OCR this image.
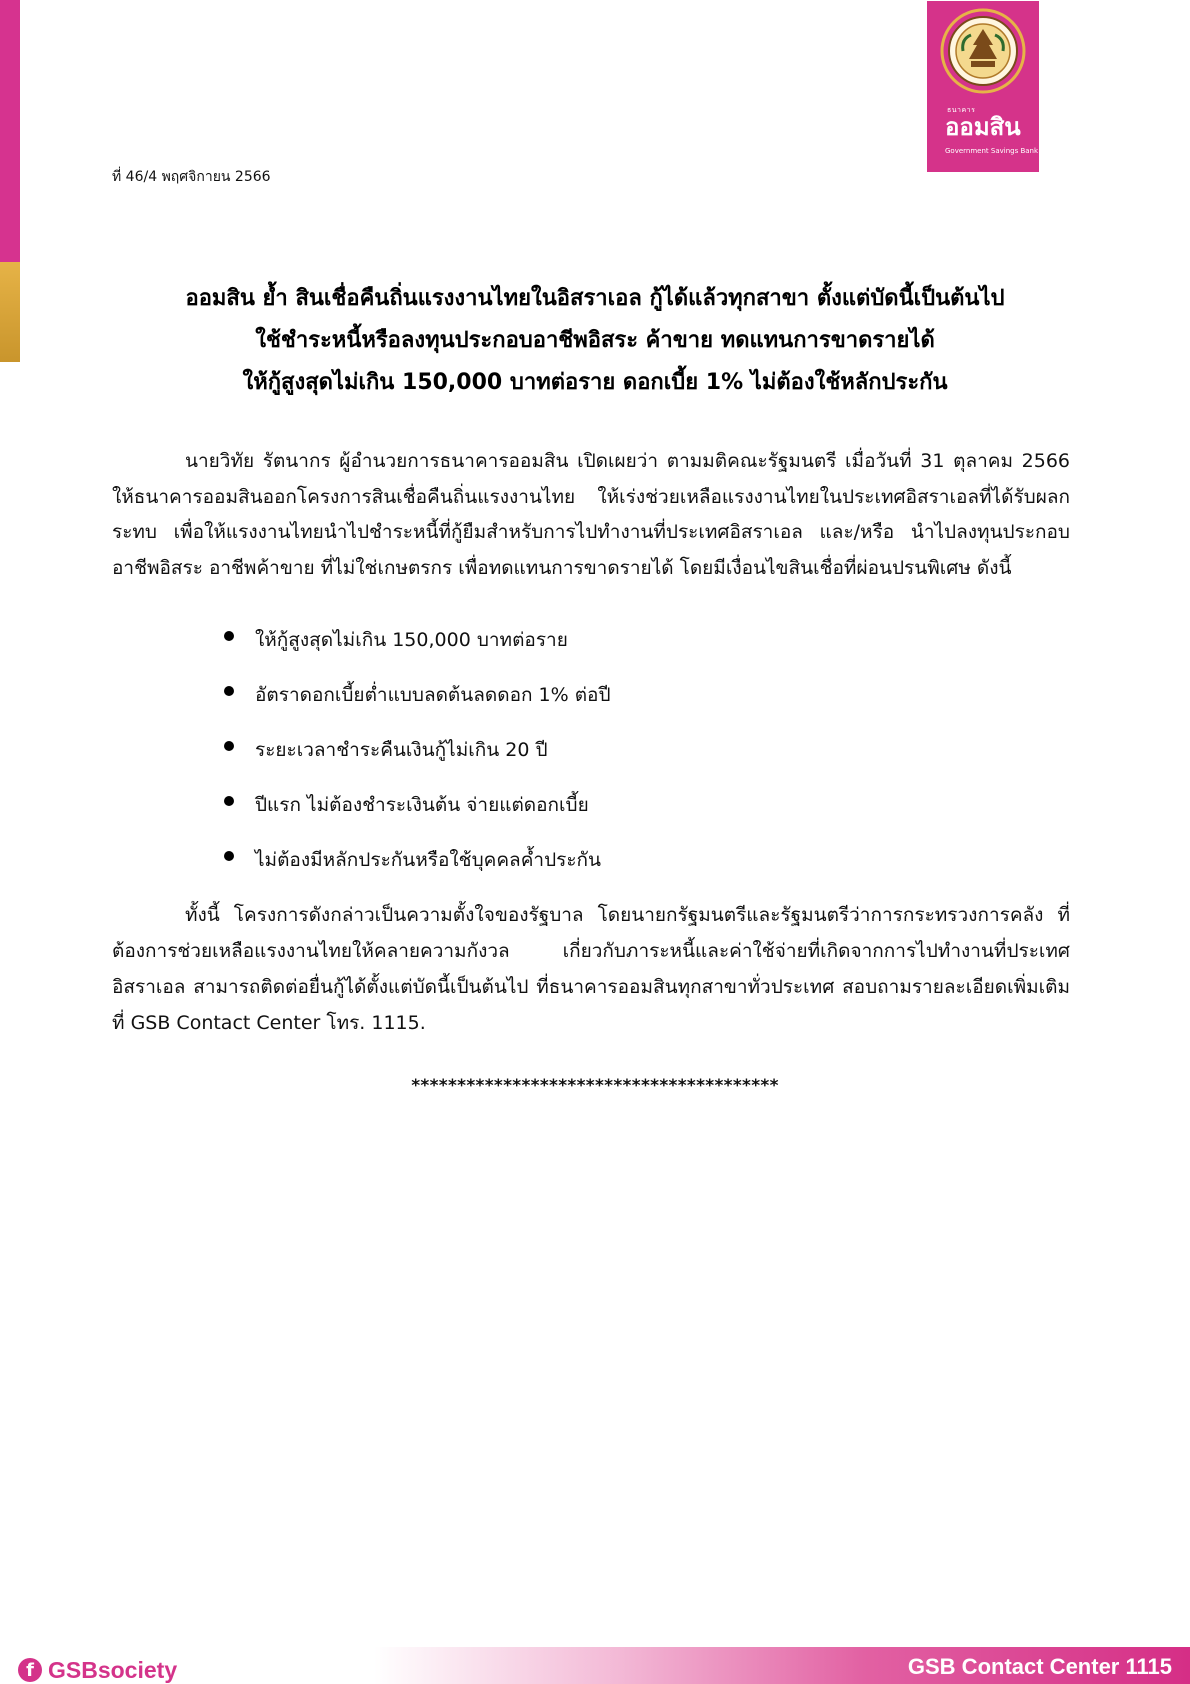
ธนาคาร
ออมสิน
Government Savings Bank
ที่ 46/4 พฤศจิกายน 2566
ออมสิน ย้ำ สินเชื่อคืนถิ่นแรงงานไทยในอิสราเอล กู้ได้แล้วทุกสาขา ตั้งแต่บัดนี้เป็นต้นไป
ใช้ชำระหนี้หรือลงทุนประกอบอาชีพอิสระ ค้าขาย ทดแทนการขาดรายได้
ให้กู้สูงสุดไม่เกิน 150,000 บาทต่อราย ดอกเบี้ย 1% ไม่ต้องใช้หลักประกัน

นายวิทัย รัตนากร ผู้อำนวยการธนาคารออมสิน เปิดเผยว่า ตามมติคณะรัฐมนตรี เมื่อวันที่ 31 ตุลาคม 2566 ให้ธนาคารออมสินออกโครงการสินเชื่อคืนถิ่นแรงงานไทย ให้เร่งช่วยเหลือแรงงานไทยในประเทศอิสราเอลที่ได้รับผลกระทบ เพื่อให้แรงงานไทยนำไปชำระหนี้ที่กู้ยืมสำหรับการไปทำงานที่ประเทศอิสราเอล และ/หรือ นำไปลงทุนประกอบอาชีพอิสระ อาชีพค้าขาย ที่ไม่ใช่เกษตรกร เพื่อทดแทนการขาดรายได้ โดยมีเงื่อนไขสินเชื่อที่ผ่อนปรนพิเศษ ดังนี้

ให้กู้สูงสุดไม่เกิน 150,000 บาทต่อราย
อัตราดอกเบี้ยต่ำแบบลดต้นลดดอก 1% ต่อปี
ระยะเวลาชำระคืนเงินกู้ไม่เกิน 20 ปี
ปีแรก ไม่ต้องชำระเงินต้น จ่ายแต่ดอกเบี้ย
ไม่ต้องมีหลักประกันหรือใช้บุคคลค้ำประกัน

ทั้งนี้ โครงการดังกล่าวเป็นความตั้งใจของรัฐบาล โดยนายกรัฐมนตรีและรัฐมนตรีว่าการกระทรวงการคลัง ที่ต้องการช่วยเหลือแรงงานไทยให้คลายความกังวล เกี่ยวกับภาระหนี้และค่าใช้จ่ายที่เกิดจากการไปทำงานที่ประเทศอิสราเอล สามารถติดต่อยื่นกู้ได้ตั้งแต่บัดนี้เป็นต้นไป ที่ธนาคารออมสินทุกสาขาทั่วประเทศ สอบถามรายละเอียดเพิ่มเติมที่ GSB Contact Center โทร. 1115.

****************************************
f GSBsociety	GSB Contact Center 1115
